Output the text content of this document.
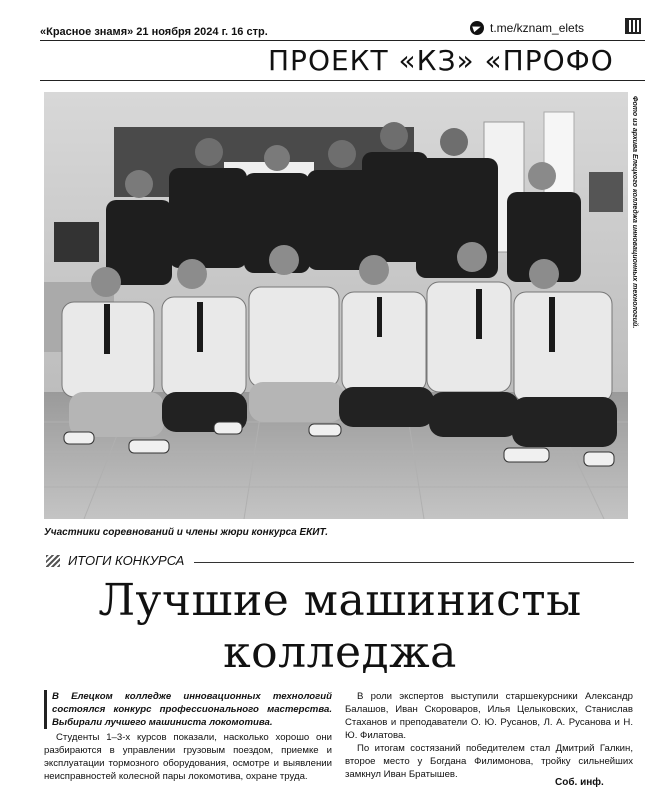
«Красное знамя» 21 ноября 2024 г. 16 стр.	t.me/kznam_elets
ПРОЕКТ «КЗ» «ПРОФО
Фото из архива Елецкого колледжа инновационных технологий.
Участники соревнований и члены жюри конкурса ЕКИТ.
ИТОГИ КОНКУРСА
Лучшие машинисты
колледжа

В Елецком колледже инновационных технологий состоялся конкурс профессионального мастерства. Выбирали лучшего машиниста локомотива.

Студенты 1–3-х курсов показали, насколько хорошо они разбираются в управлении грузовым поездом, приемке и эксплуатации тормозного оборудования, осмотре и выявлении неисправностей колесной пары локомотива, охране труда.

В роли экспертов выступили старшекурсники Александр Балашов, Иван Скороваров, Илья Целыковских, Станислав Стаханов и преподаватели О. Ю. Русанов, Л. А. Русанова и Н. Ю. Филатова.

По итогам состязаний победителем стал Дмитрий Галкин, второе место у Богдана Филимонова, тройку сильнейших замкнул Иван Братышев.

Соб. инф.
